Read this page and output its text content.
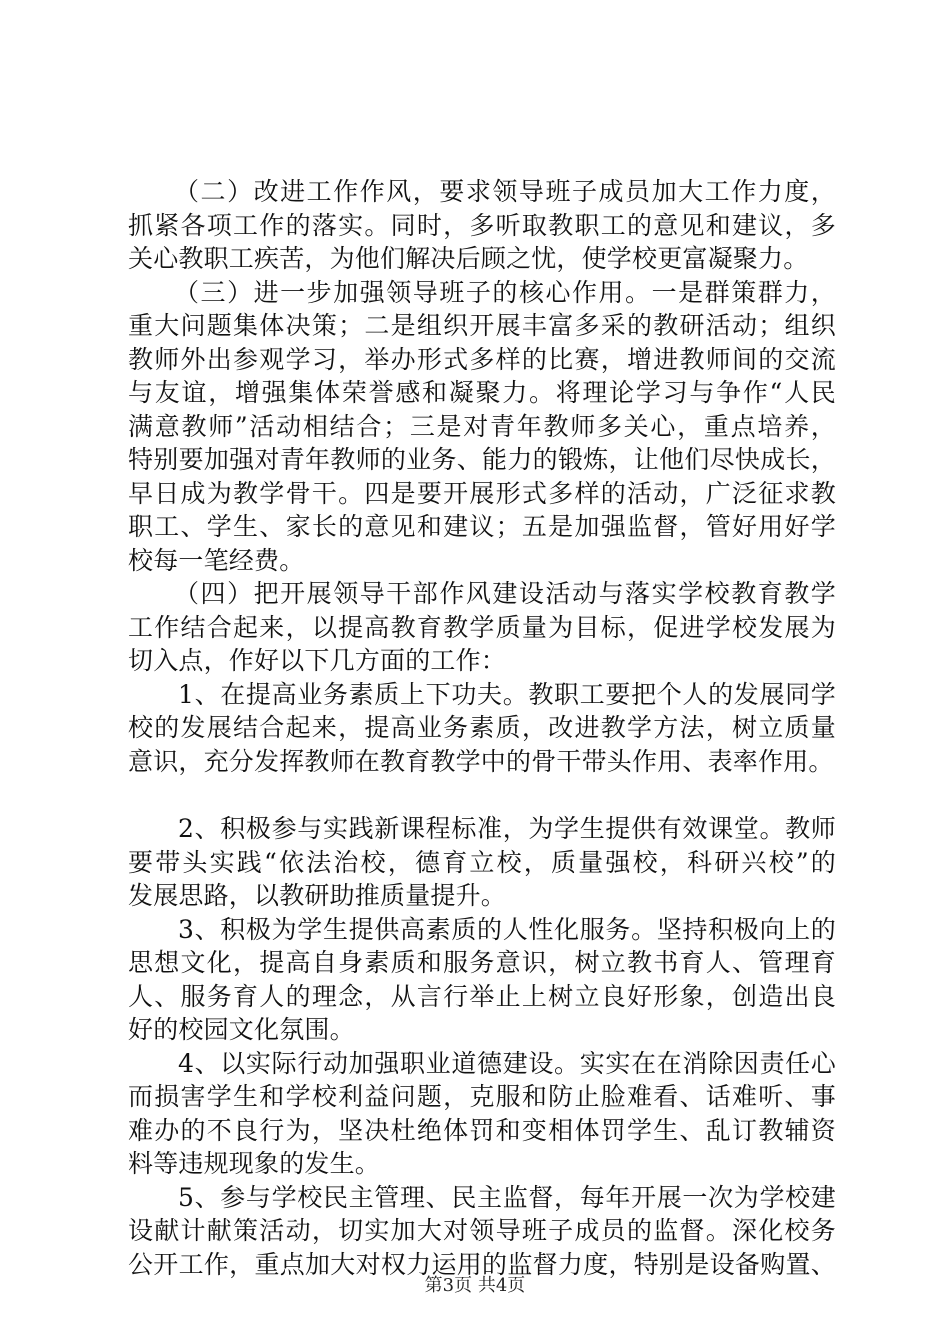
（二）改进工作作风，要求领导班子成员加大工作力度，
抓紧各项工作的落实。同时，多听取教职工的意见和建议，多
关心教职工疾苦，为他们解决后顾之忧，使学校更富凝聚力。
（三）进一步加强领导班子的核心作用。一是群策群力，
重大问题集体决策；二是组织开展丰富多采的教研活动；组织
教师外出参观学习，举办形式多样的比赛，增进教师间的交流
与友谊，增强集体荣誉感和凝聚力。将理论学习与争作“人民
满意教师”活动相结合；三是对青年教师多关心，重点培养，
特别要加强对青年教师的业务、能力的锻炼，让他们尽快成长，
早日成为教学骨干。四是要开展形式多样的活动，广泛征求教
职工、学生、家长的意见和建议；五是加强监督，管好用好学
校每一笔经费。
（四）把开展领导干部作风建设活动与落实学校教育教学
工作结合起来，以提高教育教学质量为目标，促进学校发展为
切入点，作好以下几方面的工作：
1、在提高业务素质上下功夫。教职工要把个人的发展同学
校的发展结合起来，提高业务素质，改进教学方法，树立质量
意识，充分发挥教师在教育教学中的骨干带头作用、表率作用。
2、积极参与实践新课程标准，为学生提供有效课堂。教师
要带头实践“依法治校，德育立校，质量强校，科研兴校”的
发展思路，以教研助推质量提升。
3、积极为学生提供高素质的人性化服务。坚持积极向上的
思想文化，提高自身素质和服务意识，树立教书育人、管理育
人、服务育人的理念，从言行举止上树立良好形象，创造出良
好的校园文化氛围。
4、以实际行动加强职业道德建设。实实在在消除因责任心
而损害学生和学校利益问题，克服和防止脸难看、话难听、事
难办的不良行为，坚决杜绝体罚和变相体罚学生、乱订教辅资
料等违规现象的发生。
5、参与学校民主管理、民主监督，每年开展一次为学校建
设献计献策活动，切实加大对领导班子成员的监督。深化校务
公开工作，重点加大对权力运用的监督力度，特别是设备购置、
第3页 共4页
